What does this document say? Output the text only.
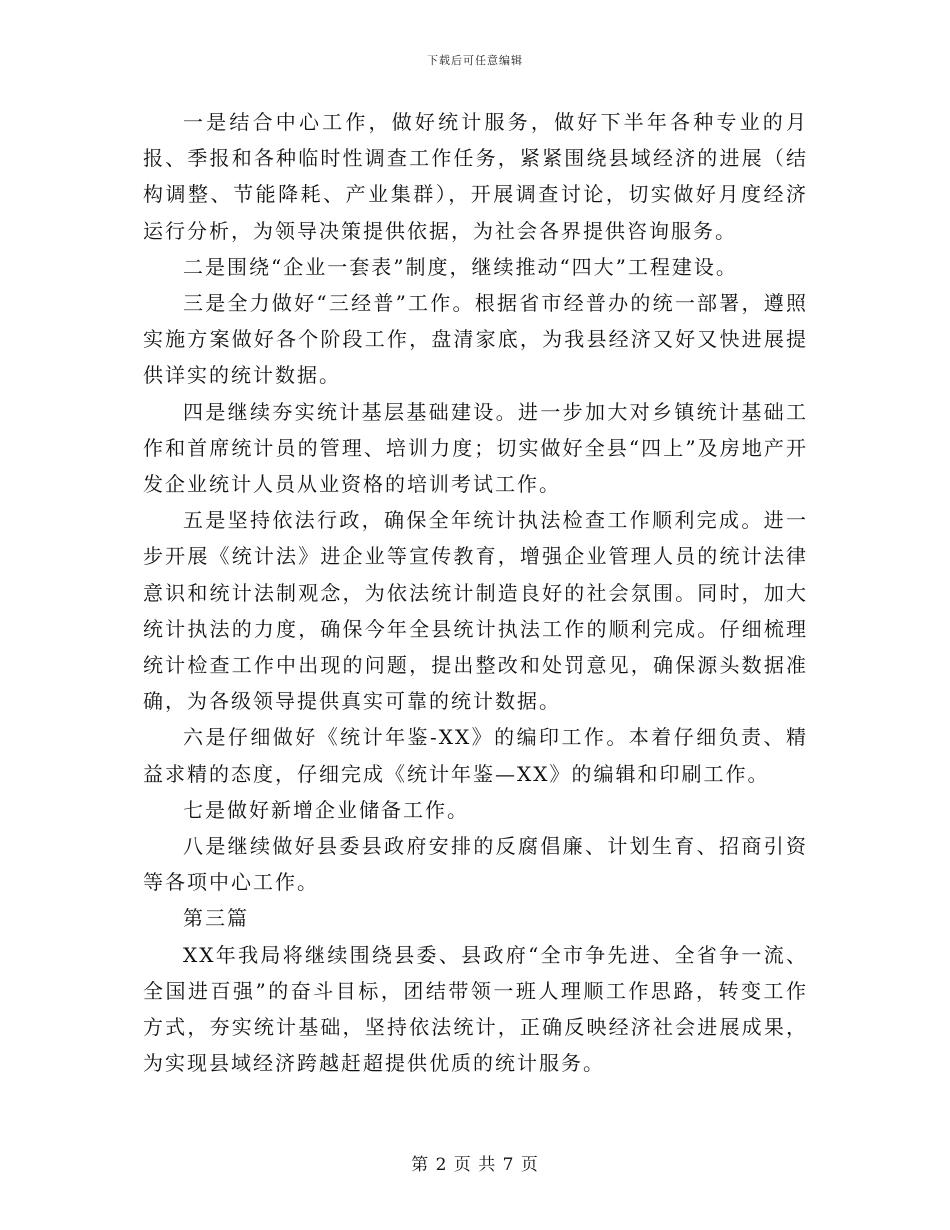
下载后可任意编辑

一是结合中心工作，做好统计服务，做好下半年各种专业的月报、季报和各种临时性调查工作任务，紧紧围绕县域经济的进展（结构调整、节能降耗、产业集群），开展调查讨论，切实做好月度经济运行分析，为领导决策提供依据，为社会各界提供咨询服务。

二是围绕“企业一套表”制度，继续推动“四大”工程建设。

三是全力做好“三经普”工作。根据省市经普办的统一部署，遵照实施方案做好各个阶段工作，盘清家底，为我县经济又好又快进展提供详实的统计数据。

四是继续夯实统计基层基础建设。进一步加大对乡镇统计基础工作和首席统计员的管理、培训力度；切实做好全县“四上”及房地产开发企业统计人员从业资格的培训考试工作。

五是坚持依法行政，确保全年统计执法检查工作顺利完成。进一步开展《统计法》进企业等宣传教育，增强企业管理人员的统计法律意识和统计法制观念，为依法统计制造良好的社会氛围。同时，加大统计执法的力度，确保今年全县统计执法工作的顺利完成。仔细梳理统计检查工作中出现的问题，提出整改和处罚意见，确保源头数据准确，为各级领导提供真实可靠的统计数据。

六是仔细做好《统计年鉴-XX》的编印工作。本着仔细负责、精益求精的态度，仔细完成《统计年鉴—XX》的编辑和印刷工作。

七是做好新增企业储备工作。

八是继续做好县委县政府安排的反腐倡廉、计划生育、招商引资等各项中心工作。

第三篇

XX年我局将继续围绕县委、县政府“全市争先进、全省争一流、全国进百强”的奋斗目标，团结带领一班人理顺工作思路，转变工作方式，夯实统计基础，坚持依法统计，正确反映经济社会进展成果，为实现县域经济跨越赶超提供优质的统计服务。

第 2 页 共 7 页
